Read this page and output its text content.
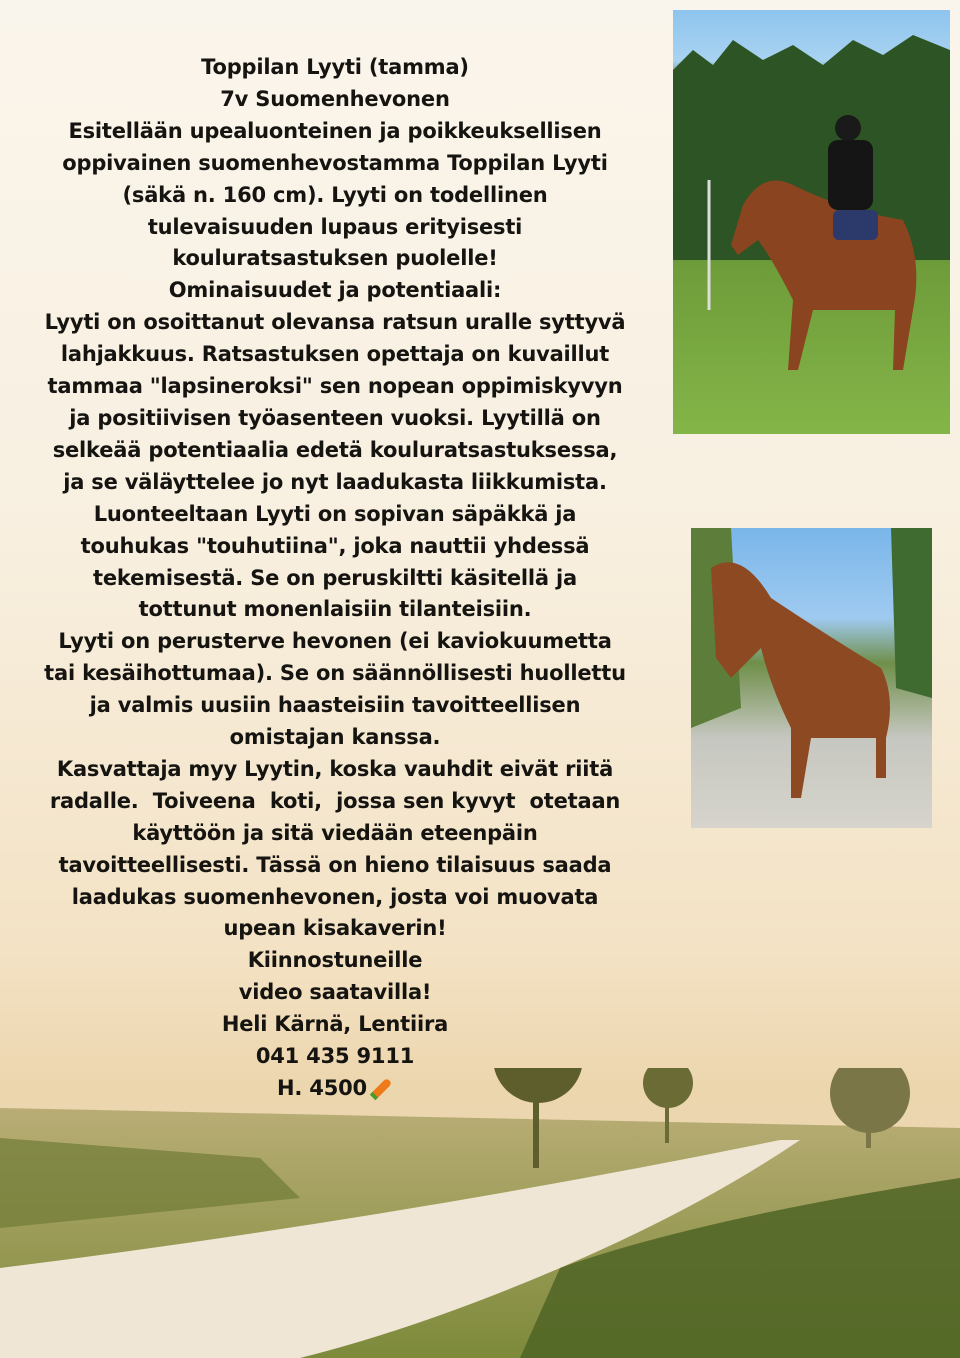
Toppilan Lyyti (tamma)
7v Suomenhevonen
Esitellään upealuonteinen ja poikkeuksellisen
oppivainen suomenhevostamma Toppilan Lyyti
(säkä n. 160 cm). Lyyti on todellinen
tulevaisuuden lupaus erityisesti
kouluratsastuksen puolelle!
Ominaisuudet ja potentiaali:
Lyyti on osoittanut olevansa ratsun uralle syttyvä
lahjakkuus. Ratsastuksen opettaja on kuvaillut
tammaa "lapsineroksi" sen nopean oppimiskyvyn
ja positiivisen työasenteen vuoksi. Lyytillä on
selkeää potentiaalia edetä kouluratsastuksessa,
ja se väläyttelee jo nyt laadukasta liikkumista.
Luonteeltaan Lyyti on sopivan säpäkkä ja
touhukas "touhutiina", joka nauttii yhdessä
tekemisestä. Se on peruskiltti käsitellä ja
tottunut monenlaisiin tilanteisiin.
Lyyti on perusterve hevonen (ei kaviokuumetta
tai kesäihottumaa). Se on säännöllisesti huollettu
ja valmis uusiin haasteisiin tavoitteellisen
omistajan kanssa.
Kasvattaja myy Lyytin, koska vauhdit eivät riitä
radalle.  Toiveena  koti,  jossa sen kyvyt  otetaan
käyttöön ja sitä viedään eteenpäin
tavoitteellisesti. Tässä on hieno tilaisuus saada
laadukas suomenhevonen, josta voi muovata
upean kisakaverin!
Kiinnostuneille
video saatavilla!
Heli Kärnä, Lentiira
041 435 9111
H. 4500
